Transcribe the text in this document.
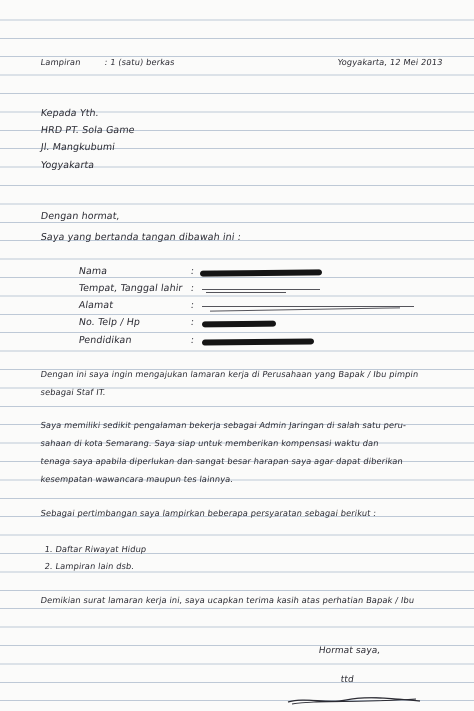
Lampiran	: 1 (satu) berkas	Yogyakarta, 12 Mei 2013
Kepada Yth.
HRD PT. Sola Game
Jl. Mangkubumi
Yogyakarta
Dengan hormat,
Saya yang bertanda tangan dibawah ini :
Nama	:
Tempat, Tanggal lahir :
Alamat	:
No. Telp / Hp	:
Pendidikan	:
Dengan ini saya ingin mengajukan lamaran kerja di Perusahaan yang Bapak / Ibu pimpin
sebagai Staf IT.
Saya memiliki sedikit pengalaman bekerja sebagai Admin Jaringan di salah satu peru-
sahaan di kota Semarang. Saya siap untuk memberikan kompensasi waktu dan
tenaga saya apabila diperlukan dan sangat besar harapan saya agar dapat diberikan
kesempatan wawancara maupun tes lainnya.
Sebagai pertimbangan saya lampirkan beberapa persyaratan sebagai berikut :
1. Daftar Riwayat Hidup
2. Lampiran lain dsb.
Demikian surat lamaran kerja ini, saya ucapkan terima kasih atas perhatian Bapak / Ibu
Hormat saya,
ttd
